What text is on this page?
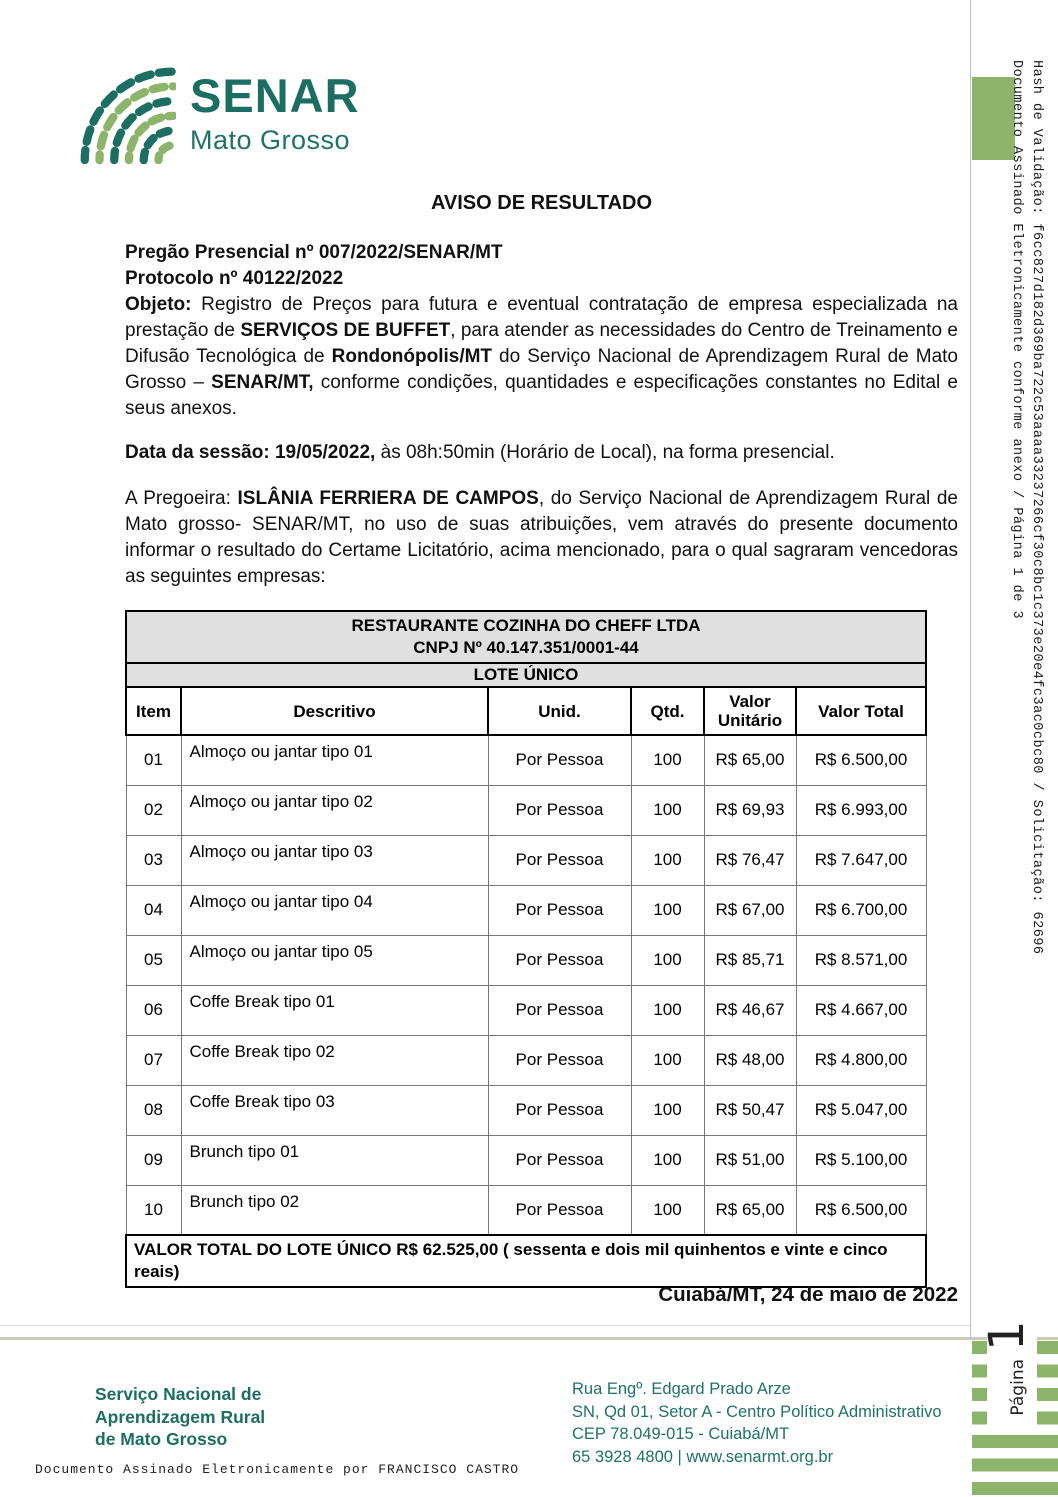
SENAR
Mato Grosso
AVISO DE RESULTADO
Pregão Presencial nº 007/2022/SENAR/MT
Protocolo nº 40122/2022
Objeto: Registro de Preços para futura e eventual contratação de empresa especializada na prestação de SERVIÇOS DE BUFFET, para atender as necessidades do Centro de Treinamento e Difusão Tecnológica de Rondonópolis/MT do Serviço Nacional de Aprendizagem Rural de Mato Grosso – SENAR/MT, conforme condições, quantidades e especificações constantes no Edital e seus anexos.
Data da sessão: 19/05/2022, às 08h:50min (Horário de Local), na forma presencial.
A Pregoeira: ISLÂNIA FERRIERA DE CAMPOS, do Serviço Nacional de Aprendizagem Rural de Mato grosso- SENAR/MT, no uso de suas atribuições, vem através do presente documento informar o resultado do Certame Licitatório, acima mencionado, para o qual sagraram vencedoras as seguintes empresas:
RESTAURANTE COZINHA DO CHEFF LTDA
CNPJ Nº 40.147.351/0001-44					

LOTE ÚNICO					
Item	Descritivo	Unid.	Qtd.	Valor Unitário	Valor Total
01	Almoço ou jantar tipo 01	Por Pessoa	100	R$ 65,00	R$ 6.500,00
02	Almoço ou jantar tipo 02	Por Pessoa	100	R$ 69,93	R$ 6.993,00
03	Almoço ou jantar tipo 03	Por Pessoa	100	R$ 76,47	R$ 7.647,00
04	Almoço ou jantar tipo 04	Por Pessoa	100	R$ 67,00	R$ 6.700,00
05	Almoço ou jantar tipo 05	Por Pessoa	100	R$ 85,71	R$ 8.571,00
06	Coffe Break tipo 01	Por Pessoa	100	R$ 46,67	R$ 4.667,00
07	Coffe Break tipo 02	Por Pessoa	100	R$ 48,00	R$ 4.800,00
08	Coffe Break tipo 03	Por Pessoa	100	R$ 50,47	R$ 5.047,00
09	Brunch tipo 01	Por Pessoa	100	R$ 51,00	R$ 5.100,00
10	Brunch tipo 02	Por Pessoa	100	R$ 65,00	R$ 6.500,00
VALOR TOTAL DO LOTE ÚNICO R$ 62.525,00 ( sessenta e dois mil quinhentos e vinte e cinco reais)					
Cuiabá/MT, 24 de maio de 2022
Serviço Nacional de
Aprendizagem Rural
de Mato Grosso
Rua Engº. Edgard Prado Arze
SN, Qd 01, Setor A - Centro Político Administrativo
CEP 78.049-015 - Cuiabá/MT
65 3928 4800 | www.senarmt.org.br
Documento Assinado Eletronicamente por FRANCISCO CASTRO
Hash de Validação: f6cc827d182d369ba722c53aaaa33237266cf30c8bc1c373e20e4fc3ac0cbc80 / Solicitação: 62696
Documento Assinado Eletronicamente conforme anexo / Página 1 de 3
Página
1
